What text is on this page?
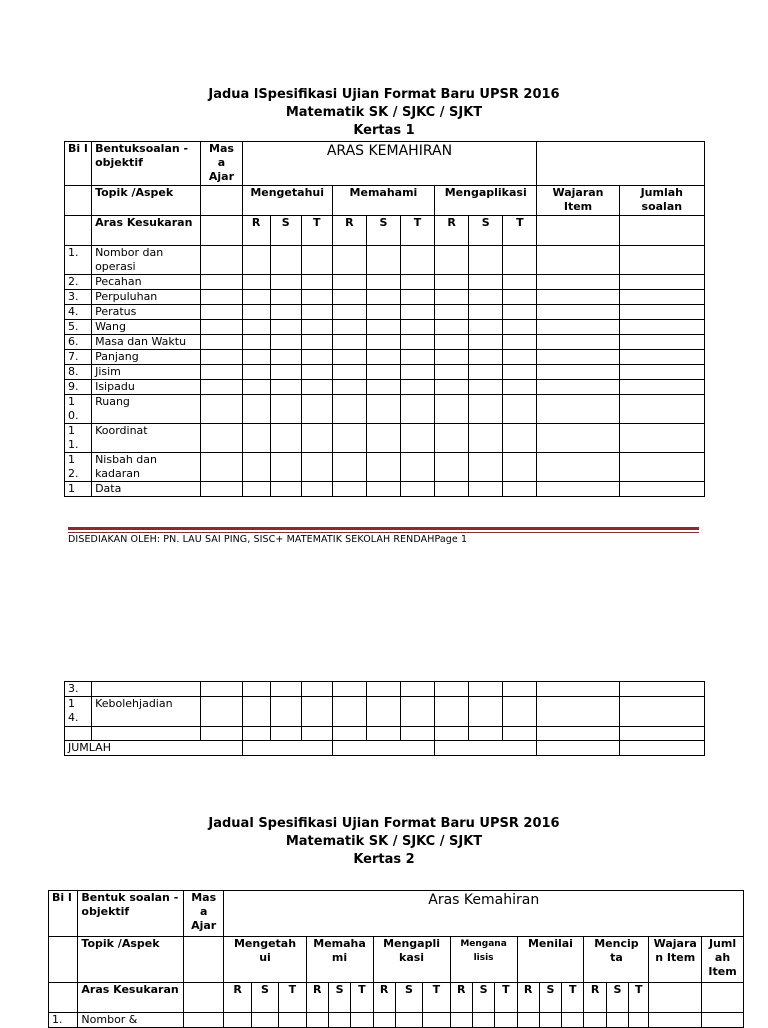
Jadua lSpesifikasi Ujian Format Baru UPSR 2016
Matematik SK / SJKC / SJKT
Kertas 1
Bi l	Bentuksoalan - objektif	Mas a Ajar	ARAS KEMAHIRAN										
	Topik /Aspek		Mengetahui			Memahami			Mengaplikasi			Wajaran Item	Jumlah soalan
	Aras Kesukaran		R	S	T	R	S	T	R	S	T		
1.	Nombor dan operasi												
2.	Pecahan												
3.	Perpuluhan												
4.	Peratus												
5.	Wang												
6.	Masa dan Waktu												
7.	Panjang												
8.	Jisim												
9.	Isipadu												
1 0.	Ruang												
1 1.	Koordinat												
1 2.	Nisbah dan kadaran												
1	Data												
DISEDIAKAN OLEH: PN. LAU SAI PING, SISC+ MATEMATIK SEKOLAH RENDAHPage 1
3.													
1 4.	Kebolehjadian												

JUMLAH													
Jadual Spesifikasi Ujian Format Baru UPSR 2016
Matematik SK / SJKC / SJKT
Kertas 2
Bi l	Bentuk soalan - objektif	Mas a Ajar	Aras Kemahiran																			
	Topik /Aspek		Mengetah ui			Memaha mi			Mengapli kasi			Mengana lisis			Menilai			Mencip ta			Wajara n Item	Juml ah Item
	Aras Kesukaran		R	S	T	R	S	T	R	S	T	R	S	T	R	S	T	R	S	T		
1.	Nombor &																					
